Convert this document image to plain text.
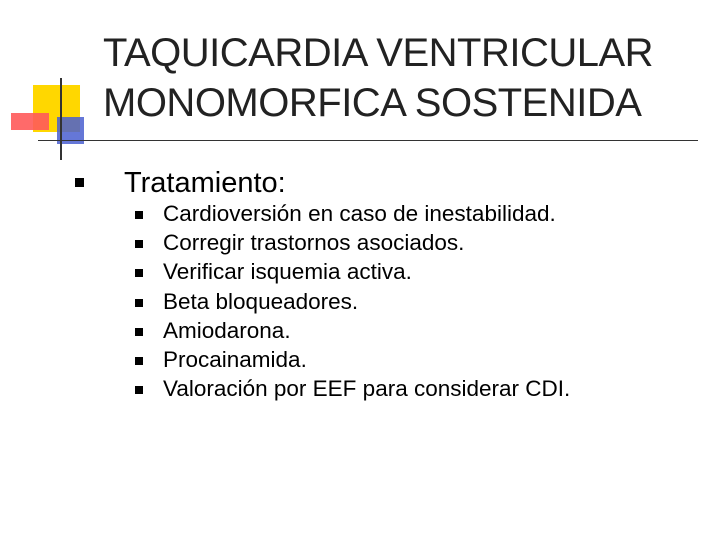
TAQUICARDIA VENTRICULAR
MONOMORFICA SOSTENIDA
Tratamiento:
Cardioversión en caso de inestabilidad.
Corregir trastornos asociados.
Verificar isquemia activa.
Beta bloqueadores.
Amiodarona.
Procainamida.
Valoración por EEF para considerar CDI.
